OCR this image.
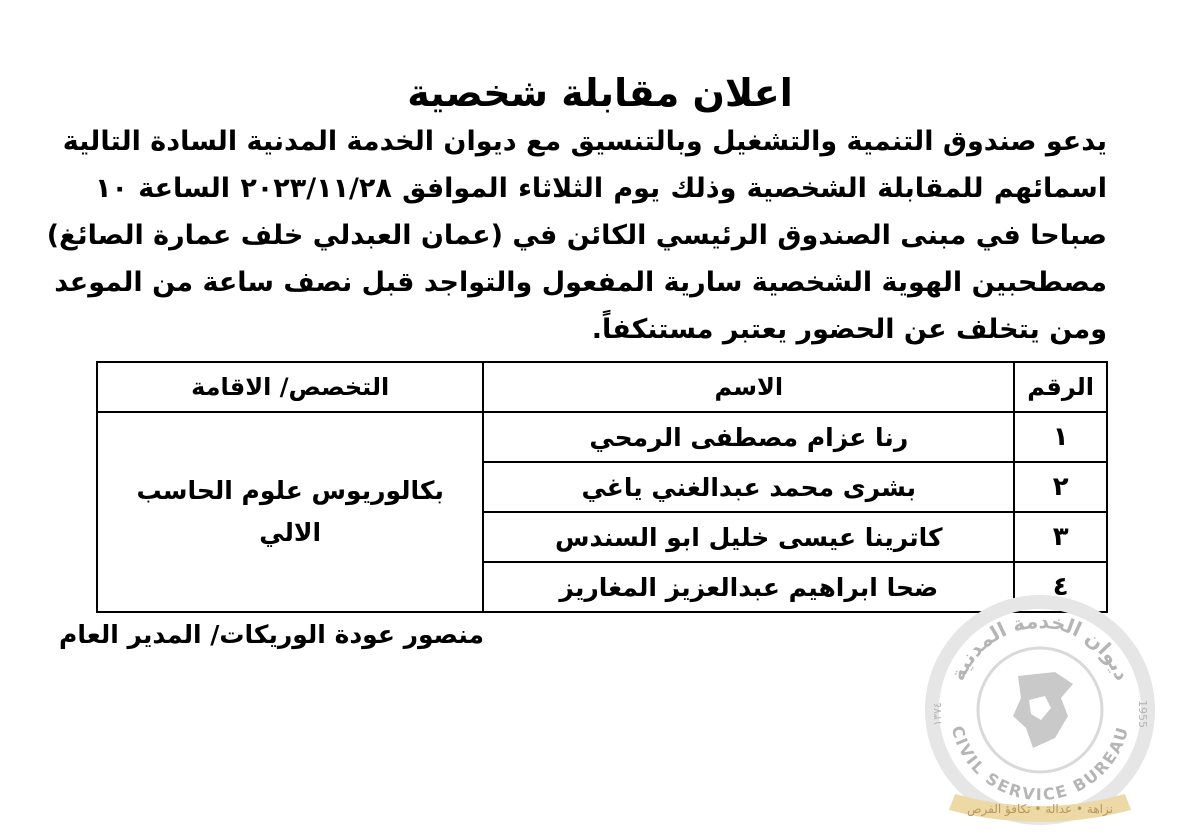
اعلان مقابلة شخصية
يدعو صندوق التنمية والتشغيل وبالتنسيق مع ديوان الخدمة المدنية السادة التالية
اسمائهم للمقابلة الشخصية وذلك يوم الثلاثاء الموافق ٢٠٢٣/١١/٢٨ الساعة ١٠
صباحا في مبنى الصندوق الرئيسي الكائن في (عمان العبدلي خلف عمارة الصائغ)
مصطحبين الهوية الشخصية سارية المفعول والتواجد قبل نصف ساعة من الموعد
ومن يتخلف عن الحضور يعتبر مستنكفاً.
الرقم	الاسم	التخصص/ الاقامة
١	رنا عزام مصطفى الرمحي	بكالوريوس علوم الحاسب الالي
٢	بشرى محمد عبدالغني ياغي	
٣	كاترينا عيسى خليل ابو السندس	
٤	ضحا ابراهيم عبدالعزيز المغاريز	
منصور عودة الوريكات/ المدير العام
ديوان الخدمة المدنية
CIVIL SERVICE BUREAU
١٣٧٤	1955
نزاهة • عدالة • تكافؤ الفرص
